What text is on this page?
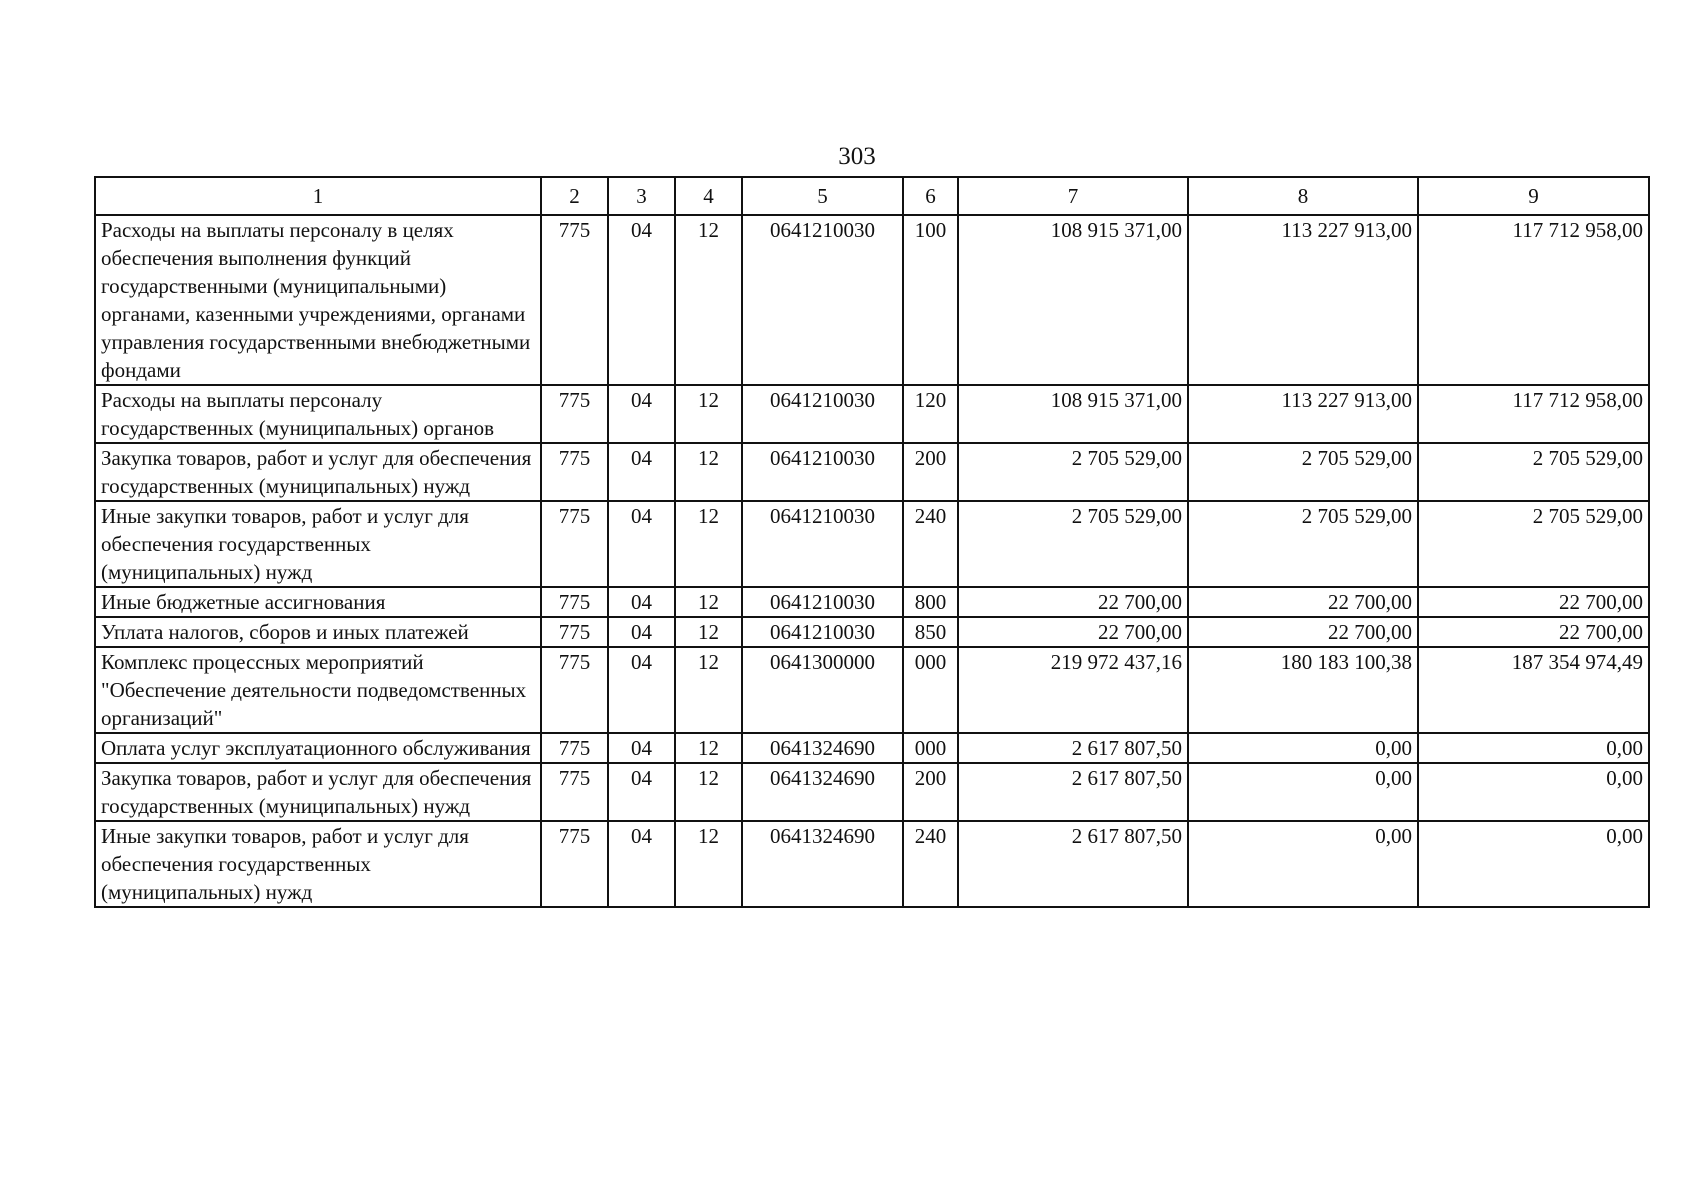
303
1	2	3	4	5	6	7	8	9
Расходы на выплаты персоналу в целях обеспечения выполнения функций государственными (муниципальными) органами, казенными учреждениями, органами управления государственными внебюджетными фондами	775	04	12	0641210030	100	108 915 371,00	113 227 913,00	117 712 958,00
Расходы на выплаты персоналу государственных (муниципальных) органов	775	04	12	0641210030	120	108 915 371,00	113 227 913,00	117 712 958,00
Закупка товаров, работ и услуг для обеспечения государственных (муниципальных) нужд	775	04	12	0641210030	200	2 705 529,00	2 705 529,00	2 705 529,00
Иные закупки товаров, работ и услуг для обеспечения государственных (муниципальных) нужд	775	04	12	0641210030	240	2 705 529,00	2 705 529,00	2 705 529,00
Иные бюджетные ассигнования	775	04	12	0641210030	800	22 700,00	22 700,00	22 700,00
Уплата налогов, сборов и иных платежей	775	04	12	0641210030	850	22 700,00	22 700,00	22 700,00
Комплекс процессных мероприятий "Обеспечение деятельности подведомственных организаций"	775	04	12	0641300000	000	219 972 437,16	180 183 100,38	187 354 974,49
Оплата услуг эксплуатационного обслуживания	775	04	12	0641324690	000	2 617 807,50	0,00	0,00
Закупка товаров, работ и услуг для обеспечения государственных (муниципальных) нужд	775	04	12	0641324690	200	2 617 807,50	0,00	0,00
Иные закупки товаров, работ и услуг для обеспечения государственных (муниципальных) нужд	775	04	12	0641324690	240	2 617 807,50	0,00	0,00
